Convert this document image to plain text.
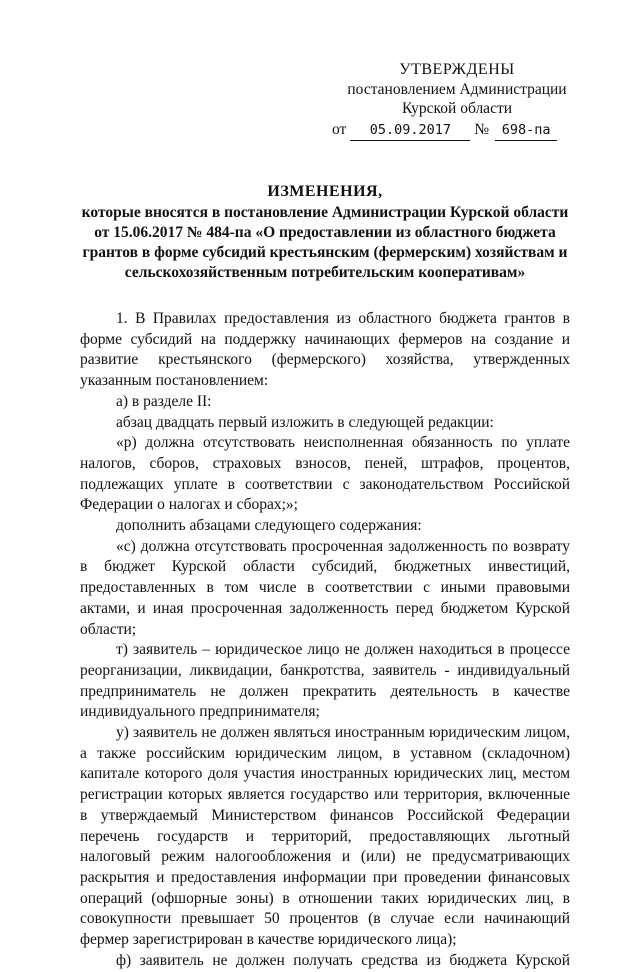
УТВЕРЖДЕНЫ
постановлением Администрации
Курской области
от	05.09.2017	№ 698-па
ИЗМЕНЕНИЯ,
которые вносятся в постановление Администрации Курской области от 15.06.2017 № 484-па «О предоставлении из областного бюджета грантов в форме субсидий крестьянским (фермерским) хозяйствам и сельскохозяйственным потребительским кооперативам»

1. В Правилах предоставления из областного бюджета грантов в форме субсидий на поддержку начинающих фермеров на создание и развитие крестьянского (фермерского) хозяйства, утвержденных указанным постановлением:

а) в разделе II:

абзац двадцать первый изложить в следующей редакции:

«р) должна отсутствовать неисполненная обязанность по уплате налогов, сборов, страховых взносов, пеней, штрафов, процентов, подлежащих уплате в соответствии с законодательством Российской Федерации о налогах и сборах;»;

дополнить абзацами следующего содержания:

«с) должна отсутствовать просроченная задолженность по возврату в бюджет Курской области субсидий, бюджетных инвестиций, предоставленных в том числе в соответствии с иными правовыми актами, и иная просроченная задолженность перед бюджетом Курской области;

т) заявитель – юридическое лицо не должен находиться в процессе реорганизации, ликвидации, банкротства, заявитель - индивидуальный предприниматель не должен прекратить деятельность в качестве индивидуального предпринимателя;

у) заявитель не должен являться иностранным юридическим лицом, а также российским юридическим лицом, в уставном (складочном) капитале которого доля участия иностранных юридических лиц, местом регистрации которых является государство или территория, включенные в утверждаемый Министерством финансов Российской Федерации перечень государств и территорий, предоставляющих льготный налоговый режим налогообложения и (или) не предусматривающих раскрытия и предоставления информации при проведении финансовых операций (офшорные зоны) в отношении таких юридических лиц, в совокупности превышает 50 процентов (в случае если начинающий фермер зарегистрирован в качестве юридического лица);

ф) заявитель не должен получать средства из бюджета Курской
